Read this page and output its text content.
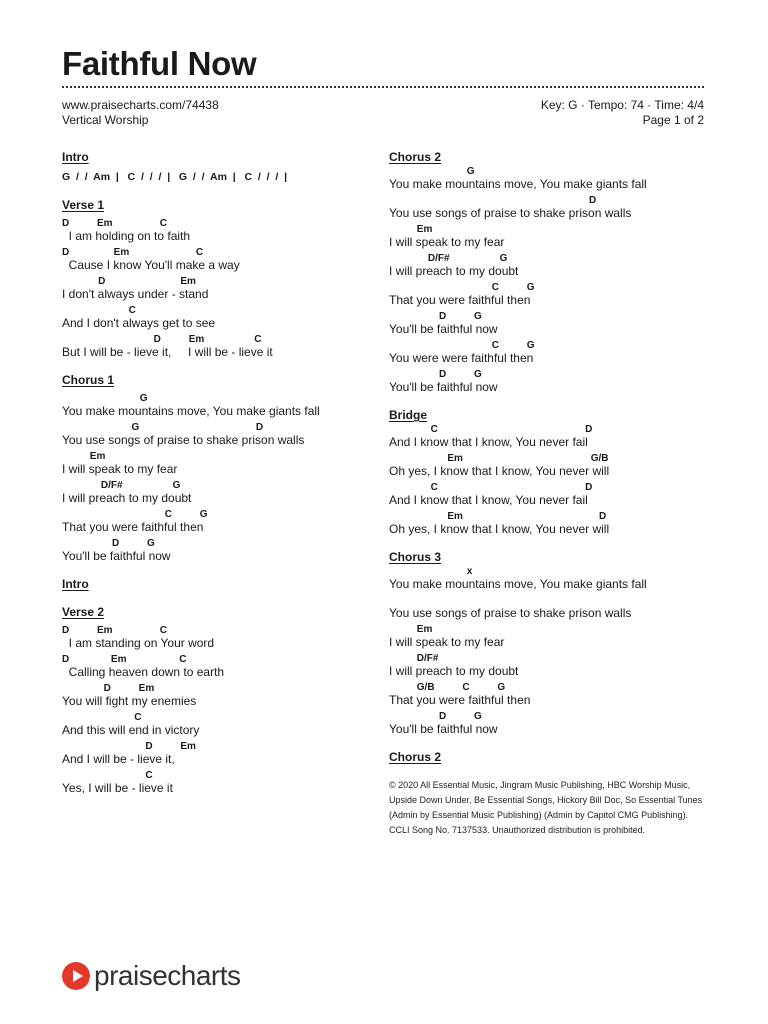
Faithful Now
www.praisecharts.com/74438
Vertical Worship
Key: G · Tempo: 74 · Time: 4/4
Page 1 of 2
Intro
G  /  /  Am  |   C  /  /  /  |   G  /  /  Am  |   C  /  /  /  |
Verse 1
D          Em                 C
I am holding on to faith
D                Em                        C
Cause I know You'll make a way
D                           Em
I don't always under - stand
C
And I don't always get to see
D          Em                  C
But I will be - lieve it,     I will be - lieve it
Chorus 1
G
You make mountains move, You make giants fall
G                                          D
You use songs of praise to shake prison walls
Em
I will speak to my fear
D/F#                  G
I will preach to my doubt
C          G
That you were faithful then
D          G
You'll be faithful now
Intro
Verse 2
D          Em                 C
I am standing on Your word
D               Em                   C
Calling heaven down to earth
D          Em
You will fight my enemies
C
And this will end in victory
D          Em
And I will be - lieve it,
C
Yes, I will be - lieve it
Chorus 2
G
You make mountains move, You make giants fall
D
You use songs of praise to shake prison walls
Em
I will speak to my fear
D/F#                  G
I will preach to my doubt
C          G
That you were faithful then
D          G
You'll be faithful now
C          G
You were were faithful then
D          G
You'll be faithful now
Bridge
C                                                     D
And I know that I know, You never fail
Em                                              G/B
Oh yes, I know that I know, You never will
C                                                     D
And I know that I know, You never fail
Em                                                 D
Oh yes, I know that I know, You never will
Chorus 3
x
You make mountains move, You make giants fall
You use songs of praise to shake prison walls
Em
I will speak to my fear
D/F#
I will preach to my doubt
G/B          C          G
That you were faithful then
D          G
You'll be faithful now
Chorus 2
© 2020 All Essential Music, Jingram Music Publishing, HBC Worship Music, Upside Down Under, Be Essential Songs, Hickory Bill Doc, So Essential Tunes (Admin by Essential Music Publishing) (Admin by Capitol CMG Publishing). CCLI Song No. 7137533. Unauthorized distribution is prohibited.
praisecharts
